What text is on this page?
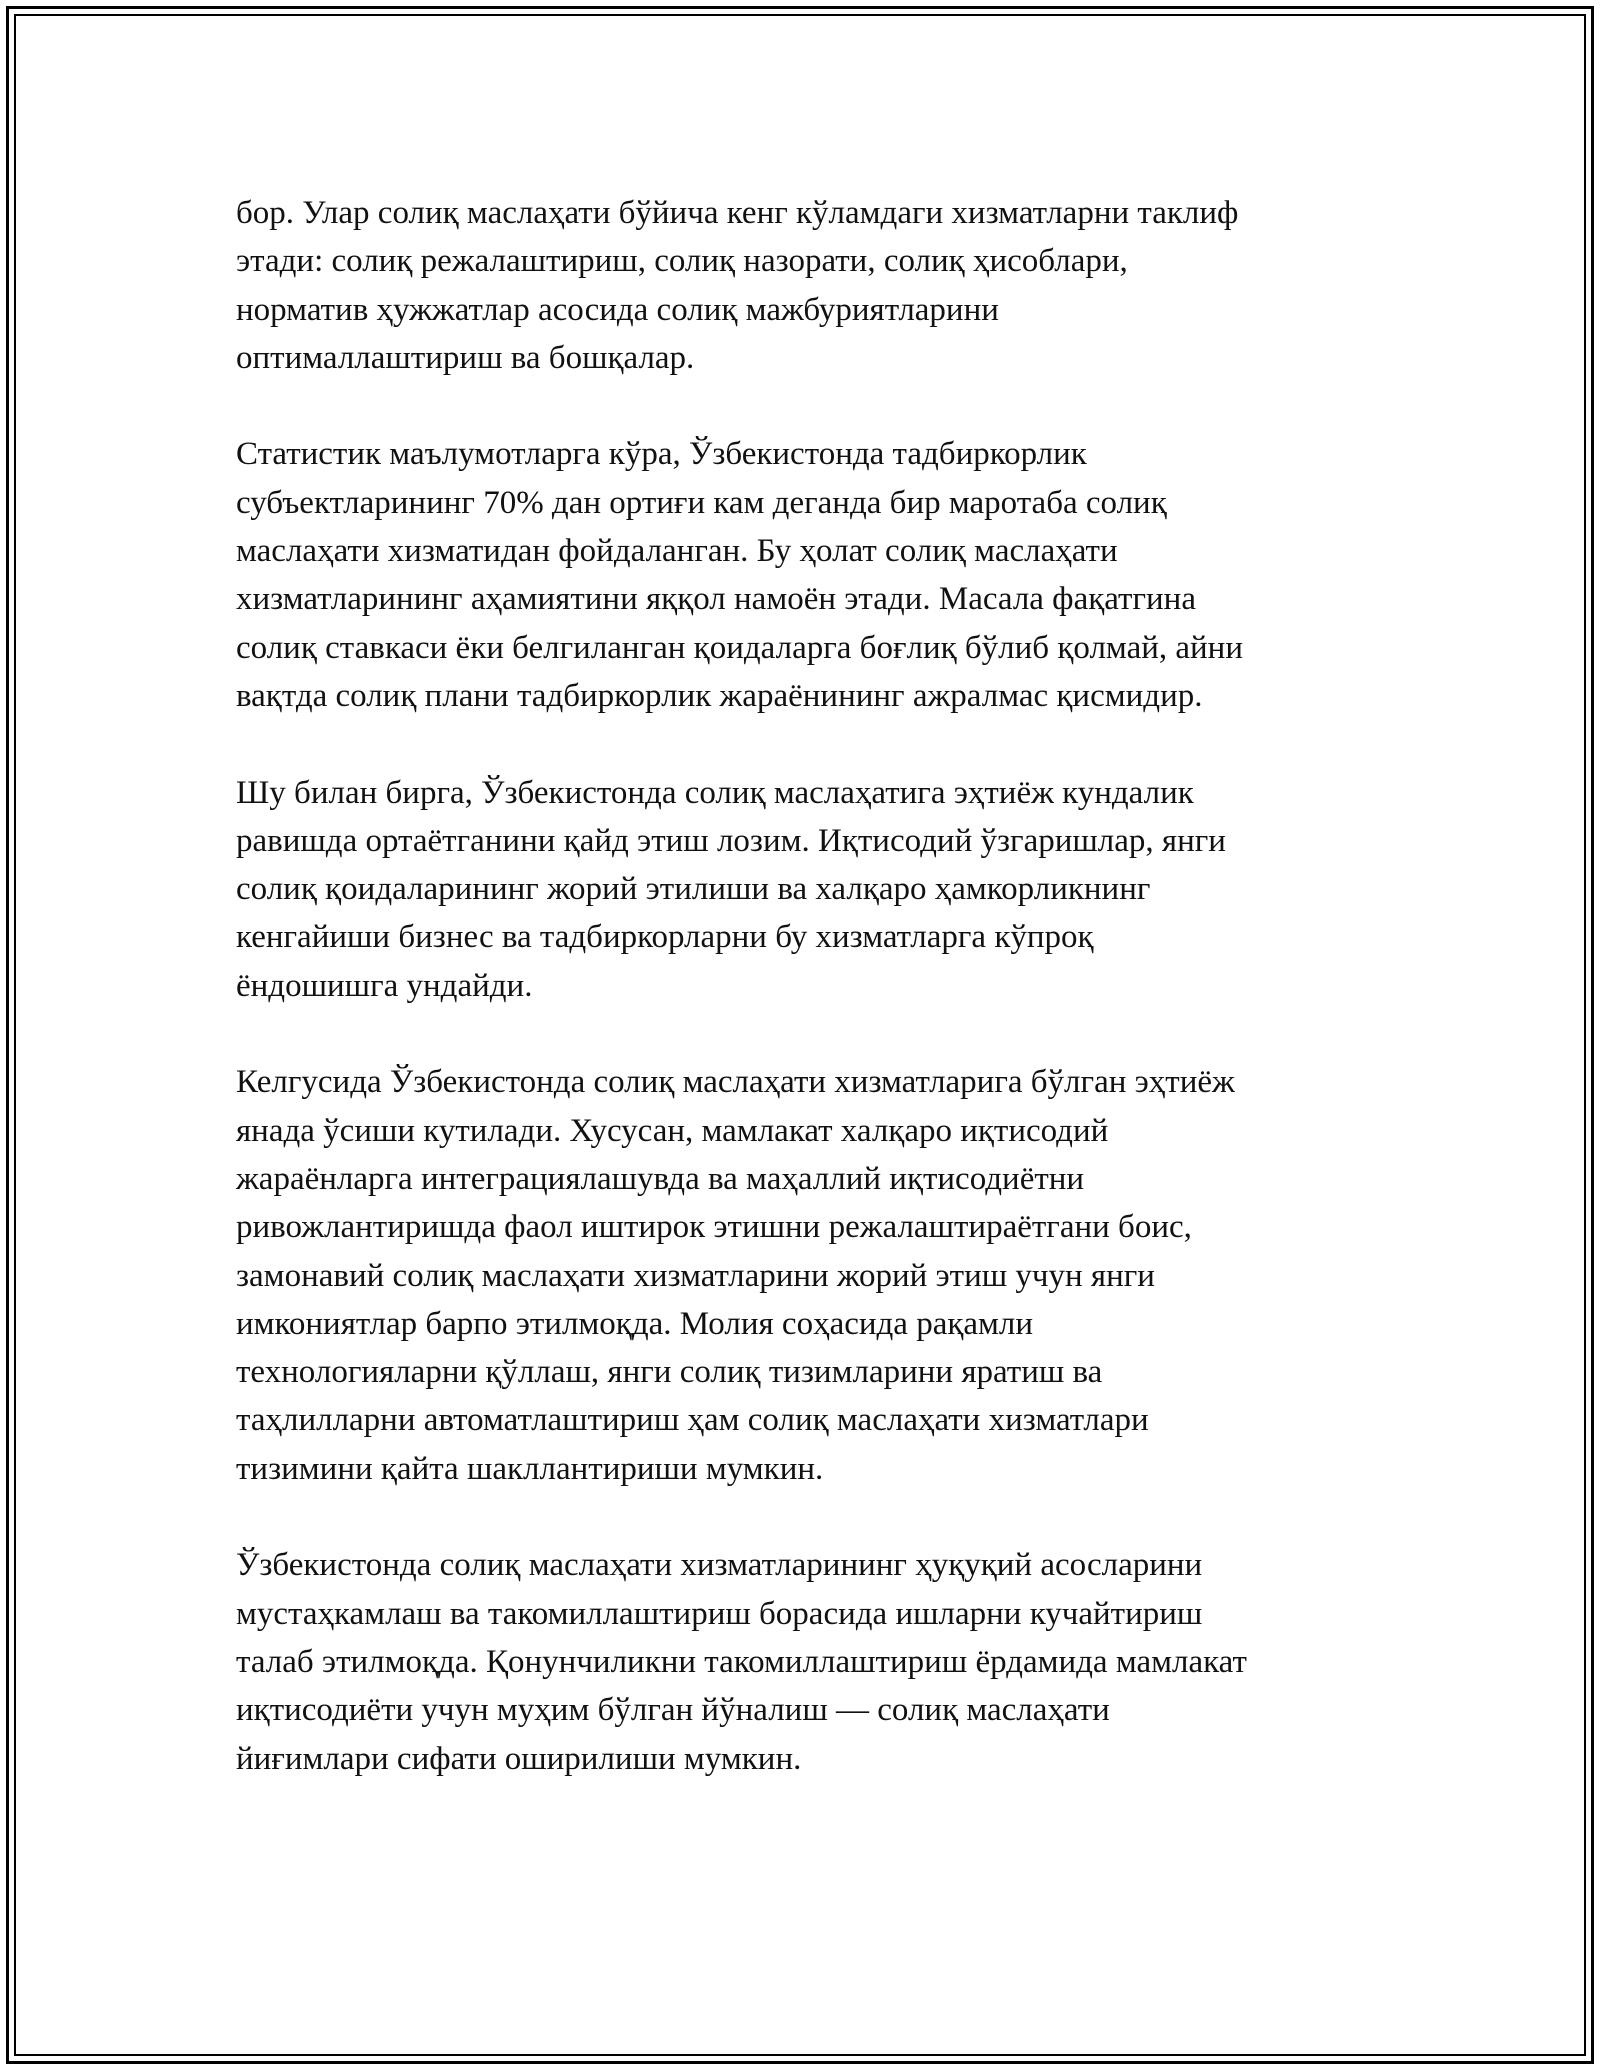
бор. Улар солиқ маслаҳати бўйича кенг кўламдаги хизматларни таклиф
этади: солиқ режалаштириш, солиқ назорати, солиқ ҳисоблари,
норматив ҳужжатлар асосида солиқ мажбуриятларини
оптималлаштириш ва бошқалар.

Статистик маълумотларга кўра, Ўзбекистонда тадбиркорлик
субъектларининг 70% дан ортиғи кам деганда бир маротаба солиқ
маслаҳати хизматидан фойдаланган. Бу ҳолат солиқ маслаҳати
хизматларининг аҳамиятини яққол намоён этади. Масала фақатгина
солиқ ставкаси ёки белгиланган қоидаларга боғлиқ бўлиб қолмай, айни
вақтда солиқ плани тадбиркорлик жараёнининг ажралмас қисмидир.

Шу билан бирга, Ўзбекистонда солиқ маслаҳатига эҳтиёж кундалик
равишда ортаётганини қайд этиш лозим. Иқтисодий ўзгаришлар, янги
солиқ қоидаларининг жорий этилиши ва халқаро ҳамкорликнинг
кенгайиши бизнес ва тадбиркорларни бу хизматларга кўпроқ
ёндошишга ундайди.

Келгусида Ўзбекистонда солиқ маслаҳати хизматларига бўлган эҳтиёж
янада ўсиши кутилади. Хусусан, мамлакат халқаро иқтисодий
жараёнларга интеграциялашувда ва маҳаллий иқтисодиётни
ривожлантиришда фаол иштирок этишни режалаштираётгани боис,
замонавий солиқ маслаҳати хизматларини жорий этиш учун янги
имкониятлар барпо этилмоқда. Молия соҳасида рақамли
технологияларни қўллаш, янги солиқ тизимларини яратиш ва
таҳлилларни автоматлаштириш ҳам солиқ маслаҳати хизматлари
тизимини қайта шакллантириши мумкин.

Ўзбекистонда солиқ маслаҳати хизматларининг ҳуқуқий асосларини
мустаҳкамлаш ва такомиллаштириш борасида ишларни кучайтириш
талаб этилмоқда. Қонунчиликни такомиллаштириш ёрдамида мамлакат
иқтисодиёти учун муҳим бўлган йўналиш — солиқ маслаҳати
йиғимлари сифати оширилиши мумкин.
